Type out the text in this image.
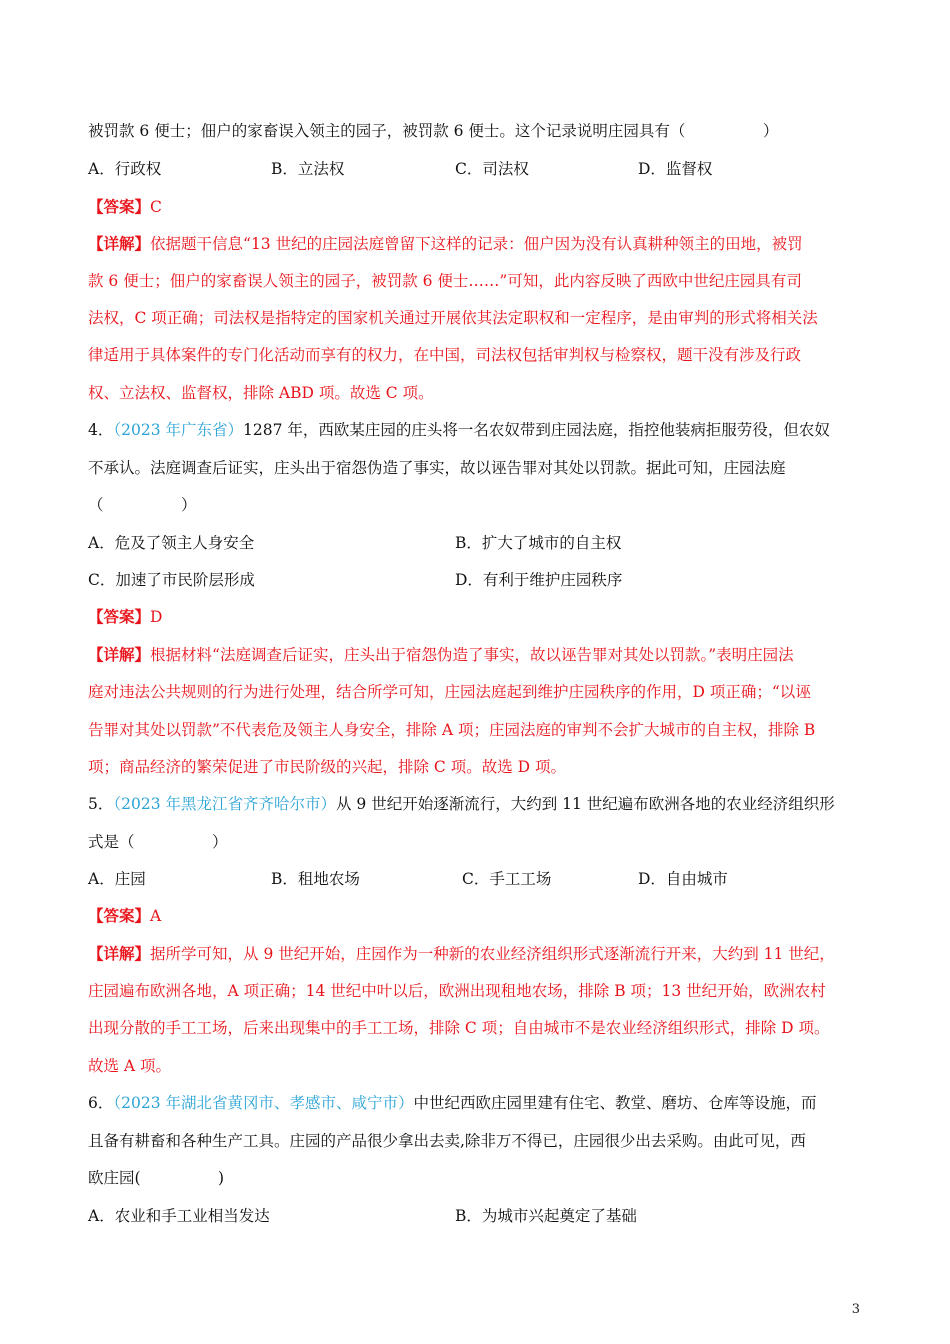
被罚款 6 便士；佃户的家畜误入领主的园子，被罚款 6 便士。这个记录说明庄园具有（　　　　　）
A．行政权	B．立法权	C．司法权	D．监督权
【答案】C
【详解】依据题干信息“13 世纪的庄园法庭曾留下这样的记录：佃户因为没有认真耕种领主的田地，被罚
款 6 便士；佃户的家畜误人领主的园子，被罚款 6 便士……”可知，此内容反映了西欧中世纪庄园具有司
法权，C 项正确；司法权是指特定的国家机关通过开展依其法定职权和一定程序，是由审判的形式将相关法
律适用于具体案件的专门化活动而享有的权力，在中国，司法权包括审判权与检察权，题干没有涉及行政
权、立法权、监督权，排除 ABD 项。故选 C 项。
4．（2023 年广东省）1287 年，西欧某庄园的庄头将一名农奴带到庄园法庭，指控他装病拒服劳役，但农奴
不承认。法庭调查后证实，庄头出于宿怨伪造了事实，故以诬告罪对其处以罚款。据此可知，庄园法庭
（　　　　　）
A．危及了领主人身安全	B．扩大了城市的自主权
C．加速了市民阶层形成	D．有利于维护庄园秩序
【答案】D
【详解】根据材料“法庭调查后证实，庄头出于宿怨伪造了事实，故以诬告罪对其处以罚款。”表明庄园法
庭对违法公共规则的行为进行处理，结合所学可知，庄园法庭起到维护庄园秩序的作用，D 项正确；“以诬
告罪对其处以罚款”不代表危及领主人身安全，排除 A 项；庄园法庭的审判不会扩大城市的自主权，排除 B
项；商品经济的繁荣促进了市民阶级的兴起，排除 C 项。故选 D 项。
5．（2023 年黑龙江省齐齐哈尔市）从 9 世纪开始逐渐流行，大约到 11 世纪遍布欧洲各地的农业经济组织形
式是（　　　　　）
A．庄园	B．租地农场	C．手工工场	D．自由城市
【答案】A
【详解】据所学可知，从 9 世纪开始，庄园作为一种新的农业经济组织形式逐渐流行开来，大约到 11 世纪，
庄园遍布欧洲各地，A 项正确；14 世纪中叶以后，欧洲出现租地农场，排除 B 项；13 世纪开始，欧洲农村
出现分散的手工工场，后来出现集中的手工工场，排除 C 项；自由城市不是农业经济组织形式，排除 D 项。
故选 A 项。
6．（2023 年湖北省黄冈市、孝感市、咸宁市）中世纪西欧庄园里建有住宅、教堂、磨坊、仓库等设施，而
且备有耕畜和各种生产工具。庄园的产品很少拿出去卖,除非万不得已，庄园很少出去采购。由此可见，西
欧庄园(　　　　　)
A．农业和手工业相当发达	B．为城市兴起奠定了基础
3
